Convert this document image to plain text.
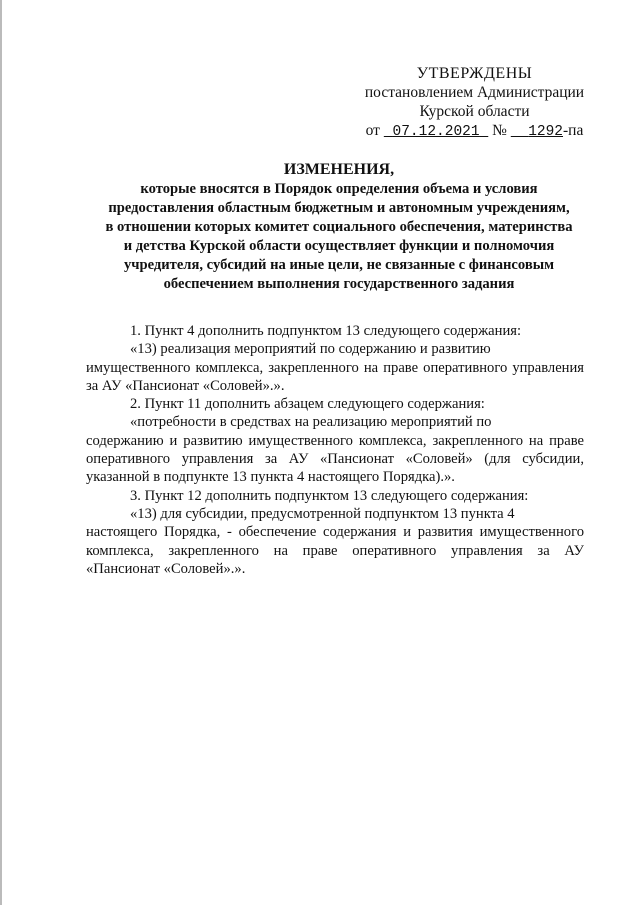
УТВЕРЖДЕНЫ
постановлением Администрации
Курской области
от 07.12.2021 № 1292-па
ИЗМЕНЕНИЯ,
которые вносятся в Порядок определения объема и условия
предоставления областным бюджетным и автономным учреждениям,
в отношении которых комитет социального обеспечения, материнства
и детства Курской области осуществляет функции и полномочия
учредителя, субсидий на иные цели, не связанные с финансовым
обеспечением выполнения государственного задания

1. Пункт 4 дополнить подпунктом 13 следующего содержания:

«13) реализация мероприятий по содержанию и развитию

имущественного комплекса, закрепленного на праве оперативного управления за АУ «Пансионат «Соловей».».

2. Пункт 11 дополнить абзацем следующего содержания:

«потребности в средствах на реализацию мероприятий по

содержанию и развитию имущественного комплекса, закрепленного на праве оперативного управления за АУ «Пансионат «Соловей» (для субсидии, указанной в подпункте 13 пункта 4 настоящего Порядка).».

3. Пункт 12 дополнить подпунктом 13 следующего содержания:

«13) для субсидии, предусмотренной подпунктом 13 пункта 4

настоящего Порядка, - обеспечение содержания и развития имущественного комплекса, закрепленного на праве оперативного управления за АУ «Пансионат «Соловей».».
